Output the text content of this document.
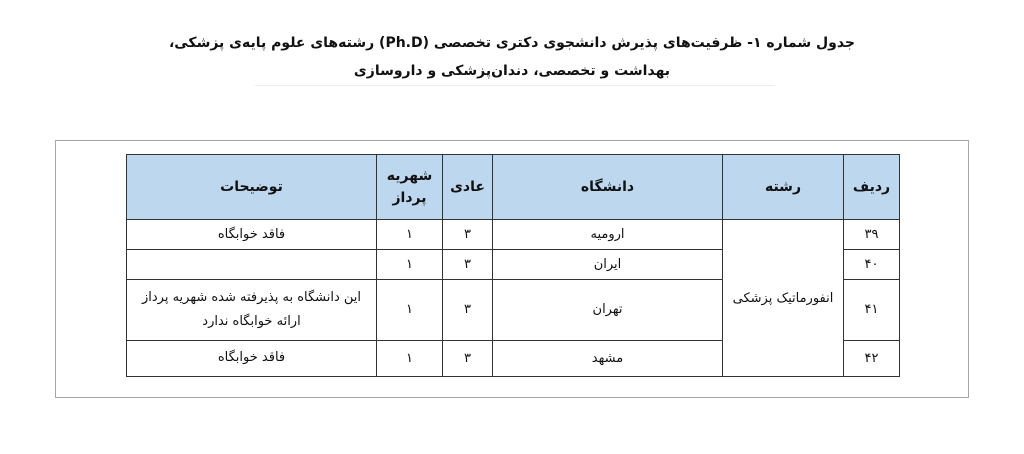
جدول شماره ۱- ظرفیت‌های پذیرش دانشجوی دکتری تخصصی (Ph.D) رشته‌های علوم پایه‌ی پزشکی،
بهداشت و تخصصی، دندان‌پزشکی و داروسازی
ردیف	رشته	دانشگاه	عادی	شهریه پرداز	توضیحات
۳۹	انفورماتیک پزشکی	ارومیه	۳	۱	فاقد خوابگاه
۴۰		ایران	۳	۱	
۴۱		تهران	۳	۱	این دانشگاه به پذیرفته شده شهریه پرداز ارائه خوابگاه ندارد
۴۲		مشهد	۳	۱	فاقد خوابگاه
